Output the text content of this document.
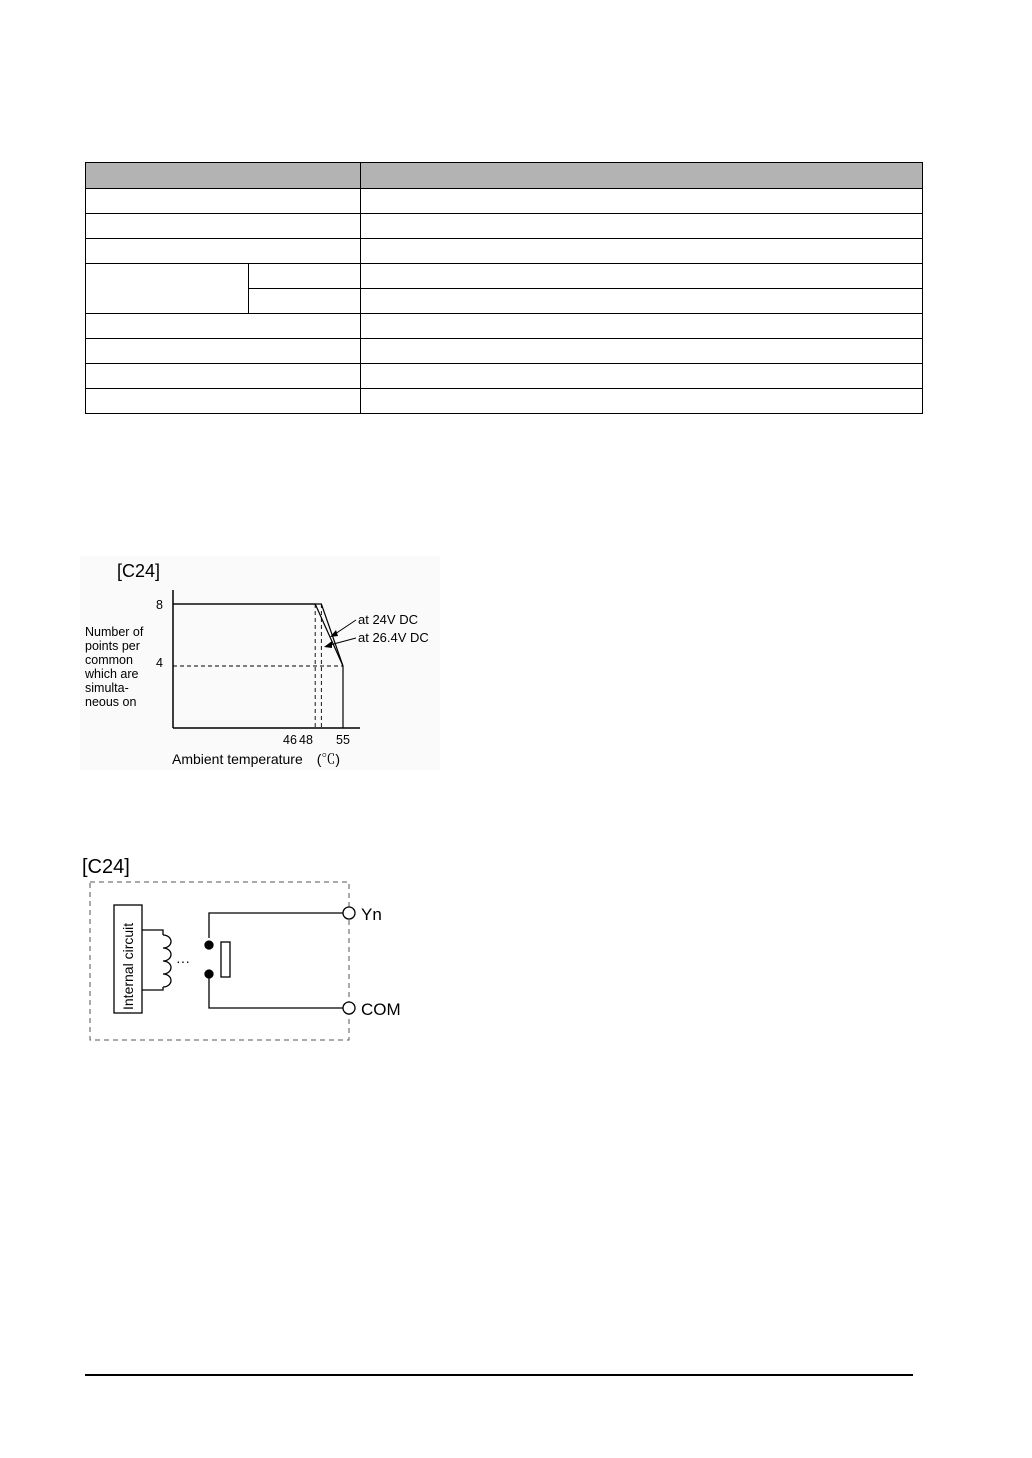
[C24]
Number of
points per
common
which are
simulta-
neous on
8
4
46 48 55
Ambient temperature　(℃)
at 24V DC
at 26.4V DC
[C24]
Internal circuit	···
Yn
COM
